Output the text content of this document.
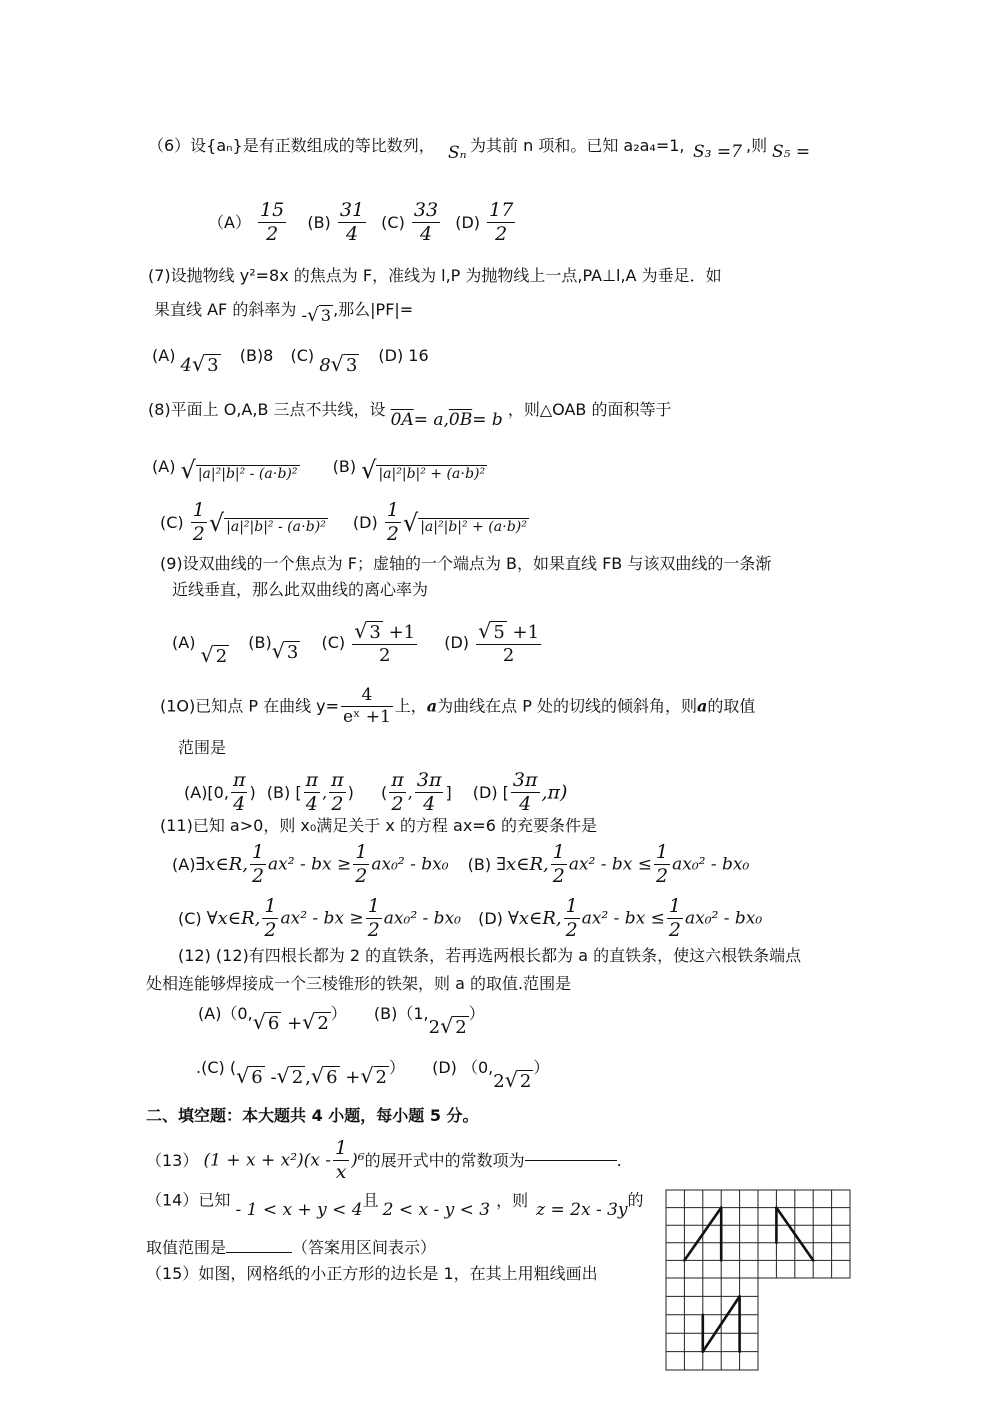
（6）设{aₙ}是有正数组成的等比数列， Sₙ 为其前 n 项和。已知 a₂a₄=1, S₃ =7 ,则 S₅ =
$(A) \frac{15}{2} (B) \frac{31}{4} (C) \frac{33}{4} (D) \frac{17}{2}$
(7)设抛物线 y²=8x 的焦点为 F，准线为 l,P 为抛物线上一点,PA⊥l,A 为垂足．如
果直线 AF 的斜率为 -√ 3 ,那么|PF|=
(A) 4√ 3 (B)8 (C) 8√ 3 (D) 16
(8)平面上 O,A,B 三点不共线，设 0A= a,0B= b ，则△OAB 的面积等于
(A) √ |a|²|b|² - (a⋅b)² (B) √ |a|²|b|² + (a⋅b)²
$(C) \frac{1}{2}$ √ |a|²|b|² - (a⋅b)² $(D) \frac{1}{2}$ √ |a|²|b|² + (a⋅b)²
(9)设双曲线的一个焦点为 F；虚轴的一个端点为 B，如果直线 FB 与该双曲线的一条渐
近线垂直，那么此双曲线的离心率为
(A) √ 2 (B)√ 3 $(C) \frac{√ 3 +1}{2} (D) \frac{√ 5 +1}{2}$
(1O)已知点 P 在曲线 $y= \frac{4}{\text{eˣ +1}}$ 上，a为曲线在点 P 处的切线的倾斜角，则a的取值
范围是
(A)[0, $\frac{\pi}{4}$ ) (B) [ $\frac{\pi}{4}$ , $\frac{\pi}{2}$ ) ( $\frac{\pi}{2}$ , $\frac{3\pi}{4}$ ] (D) [ $\frac{3\pi}{4} ,\pi$)
(11)已知 a>0，则 x₀满足关于 x 的方程 ax=6 的充要条件是
(A)∃x∈R, $\frac{1}{2} ax^2$ - bx ≥ $\frac{1}{2} ax_0^2 - bx_0$ (B) ∃x∈R, $\frac{1}{2} ax^2$ - bx ≤ $\frac{1}{2} ax_0^2 - bx_0$
(C) ∀x∈R, $\frac{1}{2} ax^2$ - bx ≥ $\frac{1}{2} ax_0^2 - bx_0$ (D) ∀x∈R, $\frac{1}{2} ax^2$ - bx ≤ $\frac{1}{2} ax_0^2 - bx_0$
(12) (12)有四根长都为 2 的直铁条，若再选两根长都为 a 的直铁条，使这六根铁条端点
处相连能够焊接成一个三棱锥形的铁架，则 a 的取值.范围是
(A)（0,√ 6 +√ 2 ） (B)（1,2√ 2）
.(C) (√ 6 -√ 2 ,√ 6 +√ 2 ） (D) （0,2√ 2）
二、填空题：本大题共 4 小题，每小题 5 分。
（13） $(1 + x + x^2)(x - \frac{1}{x} )^6$的展开式中的常数项为	.
（14）已知 - 1 < x + y < 4且 2 < x - y < 3 ，则 z = 2x - 3y的
取值范围是	（答案用区间表示）
（15）如图，网格纸的小正方形的边长是 1，在其上用粗线画出
